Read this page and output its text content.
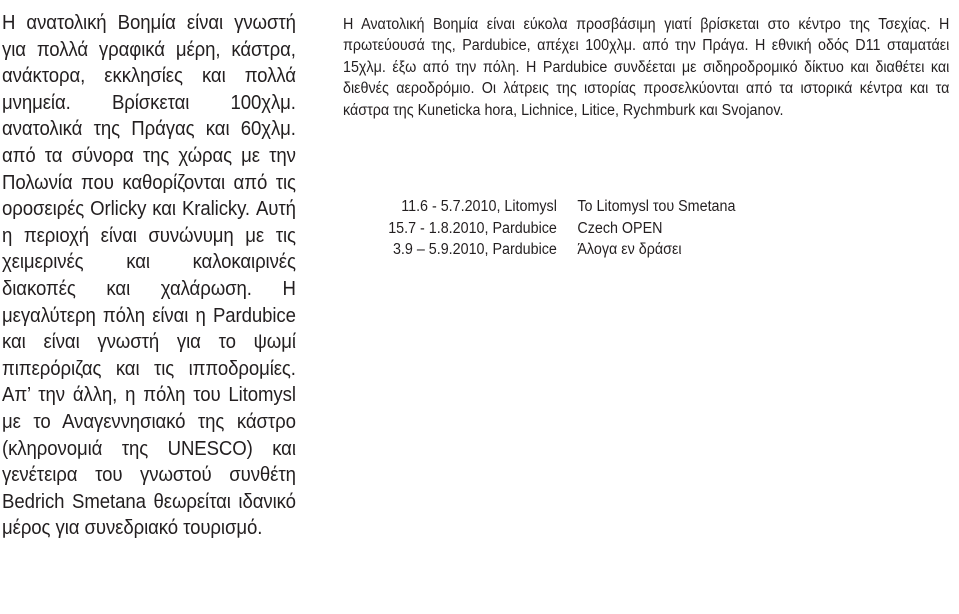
Η ανατολική Βοημία είναι γνωστή για πολλά γραφικά μέρη, κάστρα, ανάκτορα, εκκλησίες και πολλά μνημεία. Βρίσκεται 100χλμ. ανατολικά της Πράγας και 60χλμ. από τα σύνορα της χώρας με την Πολωνία που καθορίζονται από τις οροσειρές Orlicky και Kralicky. Αυτή η περιοχή είναι συνώνυμη με τις χειμερινές και καλοκαιρινές διακοπές και χαλάρωση. Η μεγαλύτερη πόλη είναι η Pardubice και είναι γνωστή για το ψωμί πιπερόριζας και τις ιπποδρομίες. Απ’ την άλλη, η πόλη του Litomysl με το Αναγεννησιακό της κάστρο (κληρονομιά της UNESCO) και γενέτειρα του γνωστού συνθέτη Bedrich Smetana θεωρείται ιδανικό μέρος για συνεδριακό τουρισμό.
Η Ανατολική Βοημία είναι εύκολα προσβάσιμη γιατί βρίσκεται στο κέντρο της Τσεχίας. Η πρωτεύουσά της, Pardubice, απέχει 100χλμ. από την Πράγα. Η εθνική οδός D11 σταματάει 15χλμ. έξω από την πόλη. Η Pardubice συνδέεται με σιδηροδρομικό δίκτυο και διαθέτει και διεθνές αεροδρόμιο. Οι λάτρεις της ιστορίας προσελκύονται από τα ιστορικά κέντρα και τα κάστρα της Kuneticka hora, Lichnice, Litice, Rychmburk και Svojanov.
11.6 - 5.7.2010, Litomysl	To Litomysl του Smetana
15.7 - 1.8.2010, Pardubice	Czech OPEN
3.9 – 5.9.2010, Pardubice	Άλογα εν δράσει
